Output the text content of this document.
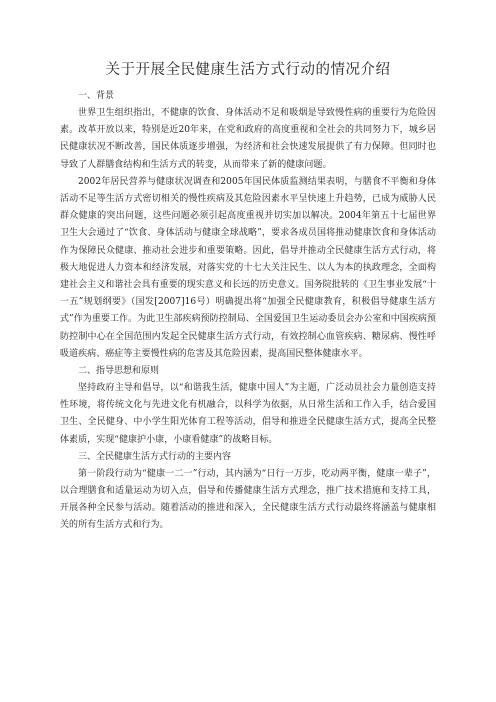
关于开展全民健康生活方式行动的情况介绍

一、背景

世界卫生组织指出，不健康的饮食、身体活动不足和吸烟是导致慢性病的重要行为危险因素。改革开放以来，特别是近20年来，在党和政府的高度重视和全社会的共同努力下，城乡居民健康状况不断改善，国民体质逐步增强，为经济和社会快速发展提供了有力保障。但同时也导致了人群膳食结构和生活方式的转变，从而带来了新的健康问题。

2002年居民营养与健康状况调查和2005年国民体质监测结果表明，与膳食不平衡和身体活动不足等生活方式密切相关的慢性疾病及其危险因素水平呈快速上升趋势，已成为威胁人民群众健康的突出问题，这些问题必须引起高度重视并切实加以解决。2004年第五十七届世界卫生大会通过了“饮食、身体活动与健康全球战略”，要求各成员国将推动健康饮食和身体活动作为保障民众健康、推动社会进步和重要策略。因此，倡导并推动全民健康生活方式行动，将极大地促进人力资本和经济发展，对落实党的十七大关注民生、以人为本的执政理念，全面构建社会主义和谐社会具有重要的现实意义和长远的历史意义。国务院批转的《卫生事业发展“十一五”规划纲要》（国发[2007]16号）明确提出将“加强全民健康教育，积极倡导健康生活方式”作为重要工作。为此卫生部疾病预防控制局、全国爱国卫生运动委员会办公室和中国疾病预防控制中心在全国范围内发起全民健康生活方式行动，有效控制心血管疾病、糖尿病、慢性呼吸道疾病、癌症等主要慢性病的危害及其危险因素，提高国民整体健康水平。

二、指导思想和原则

坚持政府主导和倡导，以“和谐我生活，健康中国人”为主题，广泛动员社会力量创造支持性环境，将传统文化与先进文化有机融合，以科学为依据，从日常生活和工作入手，结合爱国卫生、全民健身、中小学生阳光体育工程等活动，倡导和推进全民健康生活方式，提高全民整体素质，实现“健康护小康，小康看健康”的战略目标。

三、全民健康生活方式行动的主要内容

第一阶段行动为“健康一二一”行动，其内涵为“日行一万步，吃动两平衡，健康一辈子”，以合理膳食和适量运动为切入点，倡导和传播健康生活方式理念，推广技术措施和支持工具，开展各种全民参与活动。随着活动的推进和深入，全民健康生活方式行动最终将涵盖与健康相关的所有生活方式和行为。
